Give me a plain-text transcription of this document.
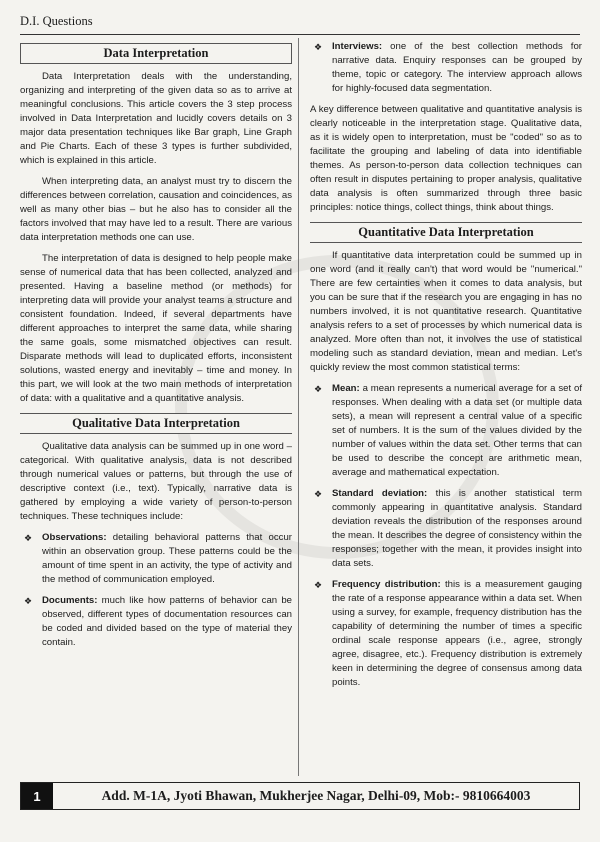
D.I. Questions
Data Interpretation

Data Interpretation deals with the understanding, organizing and interpreting of the given data so as to arrive at meaningful conclusions. This article covers the 3 step process involved in Data Interpretation and lucidly covers details on 3 major data presentation techniques like Bar graph, Line Graph and Pie Charts. Each of these 3 types is further subdivided, which is explained in this article.

When interpreting data, an analyst must try to discern the differences between correlation, causation and coincidences, as well as many other bias – but he also has to consider all the factors involved that may have led to a result. There are various data interpretation methods one can use.

The interpretation of data is designed to help people make sense of numerical data that has been collected, analyzed and presented. Having a baseline method (or methods) for interpreting data will provide your analyst teams a structure and consistent foundation. Indeed, if several departments have different approaches to interpret the same data, while sharing the same goals, some mismatched objectives can result. Disparate methods will lead to duplicated efforts, inconsistent solutions, wasted energy and inevitably – time and money. In this part, we will look at the two main methods of interpretation of data: with a qualitative and a quantitative analysis.

Qualitative Data Interpretation

Qualitative data analysis can be summed up in one word – categorical. With qualitative analysis, data is not described through numerical values or patterns, but through the use of descriptive context (i.e., text). Typically, narrative data is gathered by employing a wide variety of person-to-person techniques. These techniques include:

❖ Observations: detailing behavioral patterns that occur within an observation group. These patterns could be the amount of time spent in an activity, the type of activity and the method of communication employed.
❖ Documents: much like how patterns of behavior can be observed, different types of documentation resources can be coded and divided based on the type of material they contain.
❖ Interviews: one of the best collection methods for narrative data. Enquiry responses can be grouped by theme, topic or category. The interview approach allows for highly-focused data segmentation.

A key difference between qualitative and quantitative analysis is clearly noticeable in the interpretation stage. Qualitative data, as it is widely open to interpretation, must be "coded" so as to facilitate the grouping and labeling of data into identifiable themes. As person-to-person data collection techniques can often result in disputes pertaining to proper analysis, qualitative data analysis is often summarized through three basic principles: notice things, collect things, think about things.

Quantitative Data Interpretation

If quantitative data interpretation could be summed up in one word (and it really can't) that word would be "numerical." There are few certainties when it comes to data analysis, but you can be sure that if the research you are engaging in has no numbers involved, it is not quantitative research. Quantitative analysis refers to a set of processes by which numerical data is analyzed. More often than not, it involves the use of statistical modeling such as standard deviation, mean and median. Let's quickly review the most common statistical terms:

❖ Mean: a mean represents a numerical average for a set of responses. When dealing with a data set (or multiple data sets), a mean will represent a central value of a specific set of numbers. It is the sum of the values divided by the number of values within the data set. Other terms that can be used to describe the concept are arithmetic mean, average and mathematical expectation.
❖ Standard deviation: this is another statistical term commonly appearing in quantitative analysis. Standard deviation reveals the distribution of the responses around the mean. It describes the degree of consistency within the responses; together with the mean, it provides insight into data sets.
❖ Frequency distribution: this is a measurement gauging the rate of a response appearance within a data set. When using a survey, for example, frequency distribution has the capability of determining the number of times a specific ordinal scale response appears (i.e., agree, strongly agree, disagree, etc.). Frequency distribution is extremely keen in determining the degree of consensus among data points.
1	Add. M-1A, Jyoti Bhawan, Mukherjee Nagar, Delhi-09, Mob:- 9810664003
